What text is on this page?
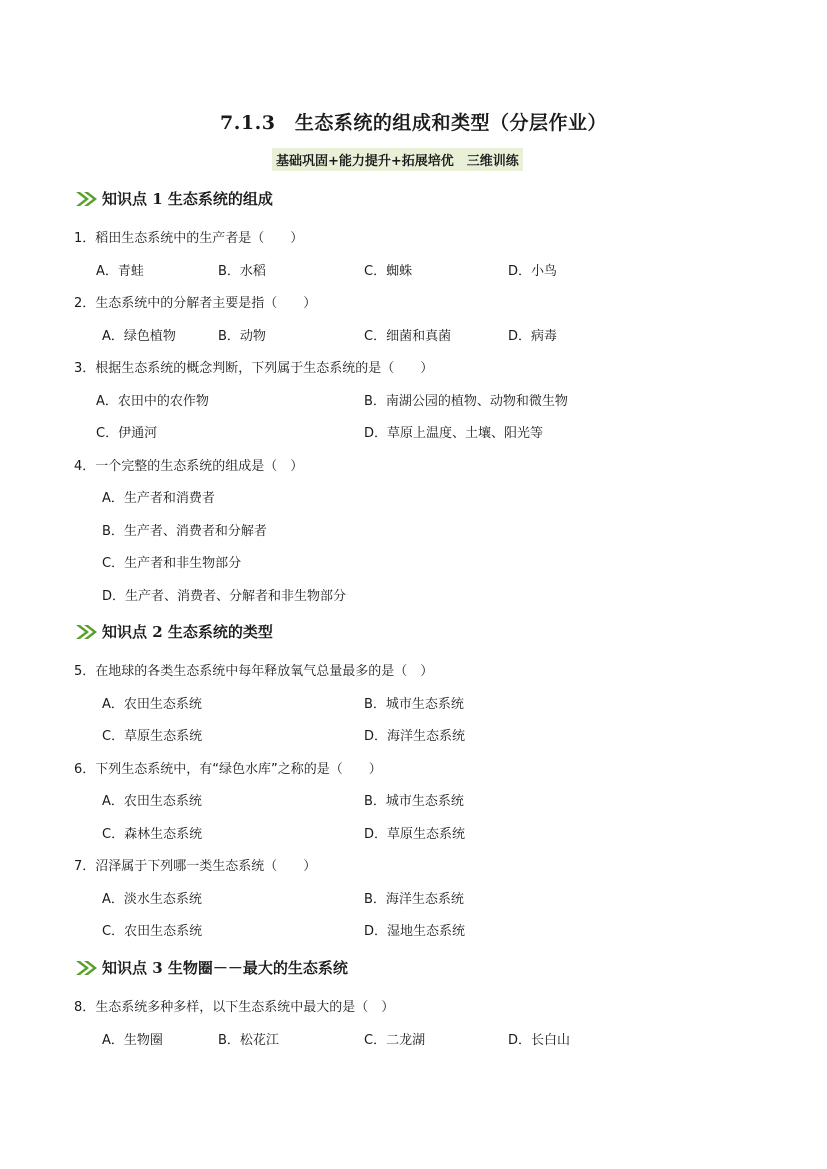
7.1.3　生态系统的组成和类型（分层作业）
基础巩固+能力提升+拓展培优　三维训练
知识点 1 生态系统的组成
1．稻田生态系统中的生产者是（　　）
A．青蛙	B．水稻	C．蜘蛛	D．小鸟
2．生态系统中的分解者主要是指（　　）
A．绿色植物	B．动物	C．细菌和真菌	D．病毒
3．根据生态系统的概念判断，下列属于生态系统的是（　　）
A．农田中的农作物	B．南湖公园的植物、动物和微生物
C．伊通河	D．草原上温度、土壤、阳光等
4．一个完整的生态系统的组成是（　）
A．生产者和消费者
B．生产者、消费者和分解者
C．生产者和非生物部分
D．生产者、消费者、分解者和非生物部分
知识点 2 生态系统的类型
5．在地球的各类生态系统中每年释放氧气总量最多的是（　）
A．农田生态系统	B．城市生态系统
C．草原生态系统	D．海洋生态系统
6．下列生态系统中，有“绿色水库”之称的是（　　）
A．农田生态系统	B．城市生态系统
C．森林生态系统	D．草原生态系统
7．沼泽属于下列哪一类生态系统（　　）
A．淡水生态系统	B．海洋生态系统
C．农田生态系统	D．湿地生态系统
知识点 3 生物圈－－最大的生态系统
8．生态系统多种多样，以下生态系统中最大的是（　）
A．生物圈	B．松花江	C．二龙湖	D．长白山
